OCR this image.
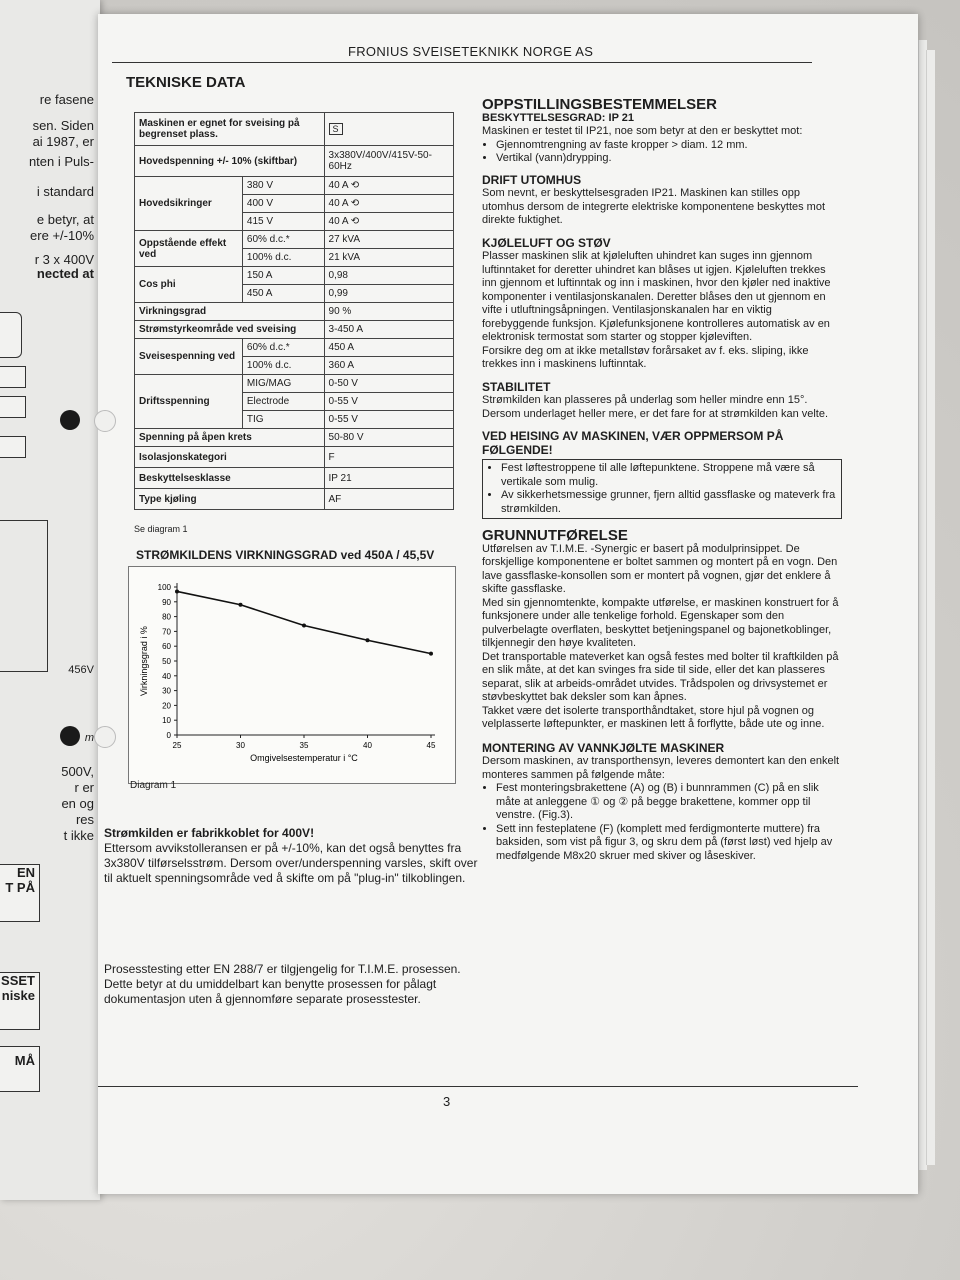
re fasene
sen. Siden
ai 1987, er
nten i Puls-
i standard
e betyr, at
ere +/-10%
r 3 x 400V
nected at
456V
m
500V,
r er
en og
res
t ikke
EN
T PÅ
SSET
niske
MÅ
FRONIUS SVEISETEKNIKK NORGE AS
TEKNISKE DATA
Maskinen er egnet for sveising på begrenset plass.		S
Hovedspenning +/- 10% (skiftbar)		3x380V/400V/415V-50-60Hz
Hovedsikringer	380 V	40 A ⟲
	400 V	40 A ⟲
	415 V	40 A ⟲
Oppstående effekt ved	60% d.c.*	27 kVA
	100% d.c.	21 kVA
Cos phi	150 A	0,98
	450 A	0,99
Virkningsgrad		90 %
Strømstyrkeområde ved sveising		3-450 A
Sveisespenning ved	60% d.c.*	450 A
	100% d.c.	360 A
Driftsspenning	MIG/MAG	0-50 V
	Electrode	0-55 V
	TIG	0-55 V
Spenning på åpen krets		50-80 V
Isolasjonskategori		F
Beskyttelsesklasse		IP 21
Type kjøling		AF
Se diagram 1
STRØMKILDENS VIRKNINGSGRAD ved 450A / 45,5V
0
10
20
30
40
50
60
70
80
90
100
25	30	35	40	45
Omgivelsestemperatur i °C
Virkningsgrad i %
Diagram 1
Strømkilden er fabrikkoblet for 400V!
Ettersom avvikstolleransen er på +/-10%, kan det også benyttes fra 3x380V tilførselsstrøm. Dersom over/underspenning varsles, skift over til aktuelt spenningsområde ved å skifte om på "plug-in" tilkoblingen.
Prosesstesting etter EN 288/7 er tilgjengelig for T.I.M.E. prosessen. Dette betyr at du umiddelbart kan benytte prosessen for pålagt dokumentasjon uten å gjennomføre separate prosesstester.

OPPSTILLINGSBESTEMMELSER

BESKYTTELSESGRAD: IP 21

Maskinen er testet til IP21, noe som betyr at den er beskyttet mot:

• Gjennomtrengning av faste kropper > diam. 12 mm.
• Vertikal (vann)drypping.

DRIFT UTOMHUS

Som nevnt, er beskyttelsesgraden IP21. Maskinen kan stilles opp utomhus dersom de integrerte elektriske komponentene beskyttes mot direkte fuktighet.

KJØLELUFT OG STØV

Plasser maskinen slik at kjøleluften uhindret kan suges inn gjennom luftinntaket for deretter uhindret kan blåses ut igjen. Kjøleluften trekkes inn gjennom et luftinntak og inn i maskinen, hvor den kjøler ned inaktive komponenter i ventilasjonskanalen. Deretter blåses den ut gjennom en vifte i utluftningsåpningen. Ventilasjonskanalen har en viktig forebyggende funksjon. Kjølefunksjonene kontrolleres automatisk av en elektronisk termostat som starter og stopper kjøleviften.

Forsikre deg om at ikke metallstøv forårsaket av f. eks. sliping, ikke trekkes inn i maskinens luftinntak.

STABILITET

Strømkilden kan plasseres på underlag som heller mindre enn 15°. Dersom underlaget heller mere, er det fare for at strømkilden kan velte.

VED HEISING AV MASKINEN, VÆR OPPMERSOM PÅ FØLGENDE!

• Fest løftestroppene til alle løftepunktene. Stroppene må være så vertikale som mulig.
• Av sikkerhetsmessige grunner, fjern alltid gassflaske og mateverk fra strømkilden.

GRUNNUTFØRELSE

Utførelsen av T.I.M.E. -Synergic er basert på modulprinsippet. De forskjellige komponentene er boltet sammen og montert på en vogn. Den lave gassflaske-konsollen som er montert på vognen, gjør det enklere å skifte gassflaske.

Med sin gjennomtenkte, kompakte utførelse, er maskinen konstruert for å funksjonere under alle tenkelige forhold. Egenskaper som den pulverbelagte overflaten, beskyttet betjeningspanel og bajonetkoblinger, tilkjennegir den høye kvaliteten.

Det transportable mateverket kan også festes med bolter til kraftkilden på en slik måte, at det kan svinges fra side til side, eller det kan plasseres separat, slik at arbeids-området utvides. Trådspolen og drivsystemet er støvbeskyttet bak deksler som kan åpnes.

Takket være det isolerte transporthåndtaket, store hjul på vognen og velplasserte løftepunkter, er maskinen lett å forflytte, både ute og inne.

MONTERING AV VANNKJØLTE MASKINER

Dersom maskinen, av transporthensyn, leveres demontert kan den enkelt monteres sammen på følgende måte:

• Fest monteringsbrakettene (A) og (B) i bunnrammen (C) på en slik måte at anleggene ① og ② på begge brakettene, kommer opp til venstre. (Fig.3).
• Sett inn festeplatene (F) (komplett med ferdigmonterte muttere) fra baksiden, som vist på figur 3, og skru dem på (først løst) ved hjelp av medfølgende M8x20 skruer med skiver og låseskiver.
3
